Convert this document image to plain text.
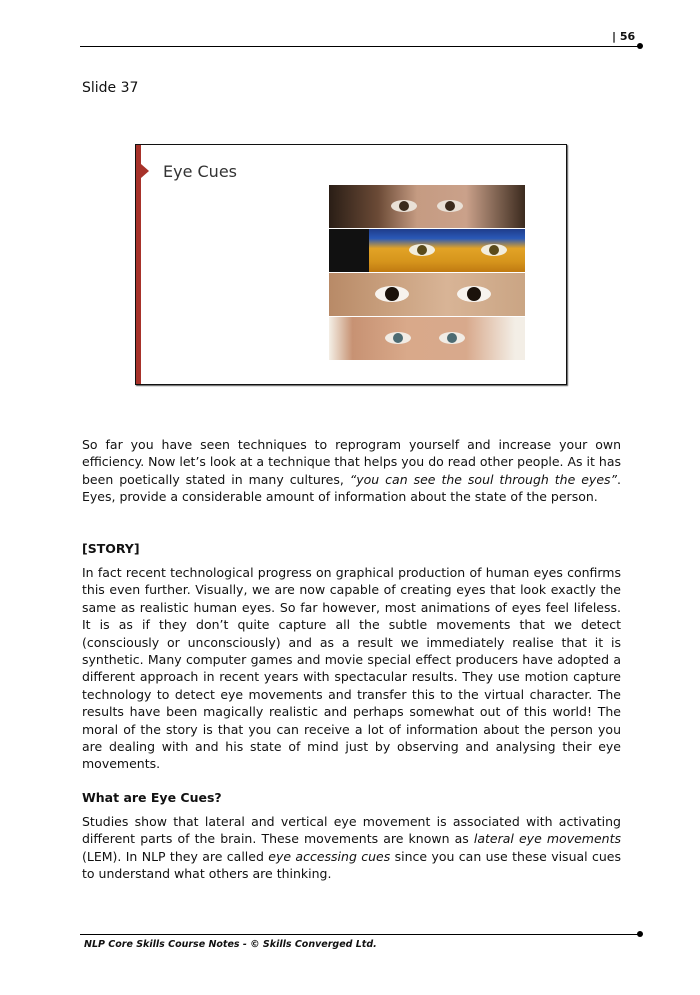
| 56
Slide 37
Eye Cues
So far you have seen techniques to reprogram yourself and increase your own efficiency. Now let’s look at a technique that helps you do read other people. As it has been poetically stated in many cultures, “you can see the soul through the eyes”. Eyes, provide a considerable amount of information about the state of the person.
[STORY]
In fact recent technological progress on graphical production of human eyes confirms this even further. Visually, we are now capable of creating eyes that look exactly the same as realistic human eyes. So far however, most animations of eyes feel lifeless. It is as if they don’t quite capture all the subtle movements that we detect (consciously or unconsciously) and as a result we immediately realise that it is synthetic. Many computer games and movie special effect producers have adopted a different approach in recent years with spectacular results. They use motion capture technology to detect eye movements and transfer this to the virtual character. The results have been magically realistic and perhaps somewhat out of this world! The moral of the story is that you can receive a lot of information about the person you are dealing with and his state of mind just by observing and analysing their eye movements.
What are Eye Cues?
Studies show that lateral and vertical eye movement is associated with activating different parts of the brain. These movements are known as lateral eye movements (LEM). In NLP they are called eye accessing cues since you can use these visual cues to understand what others are thinking.
NLP Core Skills Course Notes - © Skills Converged Ltd.
